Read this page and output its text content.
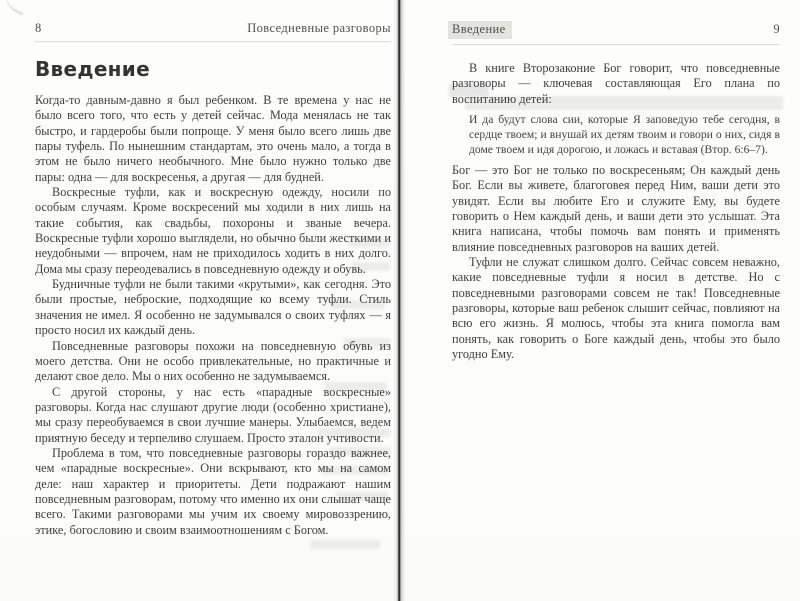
8	Повседневные разговоры
Введение

Когда-то давным-давно я был ребенком. В те времена у нас не было всего того, что есть у детей сейчас. Мода менялась не так быстро, и гардеробы были попроще. У меня было всего лишь две пары туфель. По нынешним стандартам, это очень мало, а тогда в этом не было ничего необычного. Мне было нужно только две пары: одна — для воскресенья, а другая — для будней.

Воскресные туфли, как и воскресную одежду, носили по особым случаям. Кроме воскресений мы ходили в них лишь на такие события, как свадьбы, похороны и званые вечера. Воскресные туфли хорошо выглядели, но обычно были жесткими и неудобными — впрочем, нам не приходилось ходить в них долго. Дома мы сразу переодевались в повседневную одежду и обувь.

Будничные туфли не были такими «крутыми», как сегодня. Это были простые, неброские, подходящие ко всему туфли. Стиль значения не имел. Я особенно не задумывался о своих туфлях — я просто носил их каждый день.

Повседневные разговоры похожи на повседневную обувь из моего детства. Они не особо привлекательные, но практичные и делают свое дело. Мы о них особенно не задумываемся.

С другой стороны, у нас есть «парадные воскресные» разговоры. Когда нас слушают другие люди (особенно христиане), мы сразу переобуваемся в свои лучшие манеры. Улыбаемся, ведем приятную беседу и терпеливо слушаем. Просто эталон учтивости.

Проблема в том, что повседневные разговоры гораздо важнее, чем «парадные воскресные». Они вскрывают, кто мы на самом деле: наш характер и приоритеты. Дети подражают нашим повседневным разговорам, потому что именно их они слышат чаще всего. Такими разговорами мы учим их своему мировоззрению, этике, богословию и своим взаимоотношениям с Богом.

Введение	9

В книге Второзаконие Бог говорит, что повседневные разговоры — ключевая составляющая Его плана по воспитанию детей:

И да будут слова сии, которые Я заповедую тебе сегодня, в сердце твоем; и внушай их детям твоим и говори о них, сидя в доме твоем и идя дорогою, и ложась и вставая (Втор. 6:6–7).

Бог — это Бог не только по воскресеньям; Он каждый день Бог. Если вы живете, благоговея перед Ним, ваши дети это увидят. Если вы любите Его и служите Ему, вы будете говорить о Нем каждый день, и ваши дети это услышат. Эта книга написана, чтобы помочь вам понять и применять влияние повседневных разговоров на ваших детей.

Туфли не служат слишком долго. Сейчас совсем неважно, какие повседневные туфли я носил в детстве. Но с повседневными разговорами совсем не так! Повседневные разговоры, которые ваш ребенок слышит сейчас, повлияют на всю его жизнь. Я молюсь, чтобы эта книга помогла вам понять, как говорить о Боге каждый день, чтобы это было угодно Ему.
